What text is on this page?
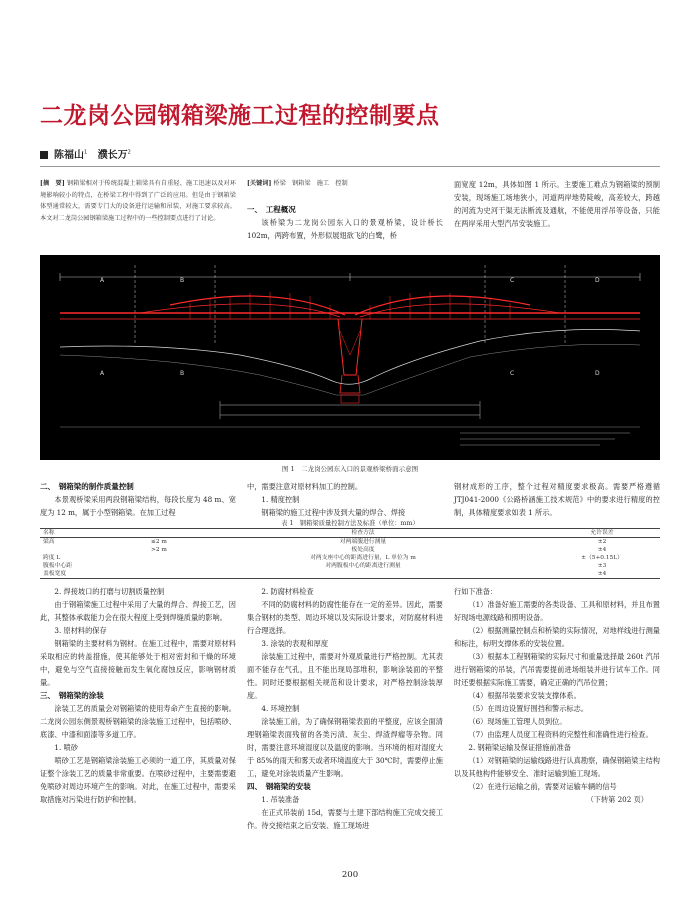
二龙岗公园钢箱梁施工过程的控制要点
陈福山$^1$ 濮长万$^2$

[摘　要] 钢箱梁相对于传统混凝土箱梁具有自重轻、施工迅速以及对环境影响较小的特点，在桥梁工程中得到了广泛的应用。但是由于钢箱梁体型通常较大，需要专门大的设备进行运输和吊装，对施工要求较高。本文对二龙岗公园钢箱梁施工过程中的一些控制要点进行了讨论。

[关键词] 桥梁　钢箱梁　施工　控制

一、　工程概况

该桥梁为二龙岗公园东入口的景观桥梁，设计桥长 102m，两跨布置，外形似展翅欲飞的白鹭，桥

面宽度 12m，具体如图 1 所示。主要施工难点为钢箱梁的预制安装，现场施工场地狭小，河道两岸地势陡峻，高差较大，跨越的河流为史河干渠无法断流及通航，不能使用浮吊等设备，只能在两岸采用大型汽吊安装施工。

A	B	C	D
A	B	C	D
图 1　二龙岗公园东入口的景观桥梁桥面示意图

二、　钢箱梁的制作质量控制

本景观桥梁采用两段钢箱梁结构，每段长度为 48 m、宽度为 12 m，属于小型钢箱梁。在加工过程

中，需要注意对原材料加工的控制。

1. 精度控制

钢箱梁的施工过程中涉及到大量的焊合、焊接

钢材成形的工序，整个过程对精度要求极高。需要严格遵循 JTJ041-2000《公路桥涵施工技术规范》中的要求进行精度的控制，具体精度要求如表 1 所示。

表 1　钢箱梁质量控制方法及标准（单位：mm）
名称		检查方法	允许误差
梁高	≤2 m	对两端腹进行测量	±2
	>2 m	板处高度	±4
跨度 L		对两支座中心的距离进行量，L 单位为 m	±（5+0.15L）
腹板中心距		对两腹板中心的距离进行测量	±3
盖板宽度			±4

2. 焊接坡口的打磨与切割质量控制

由于钢箱梁施工过程中采用了大量的焊合、焊接工艺，因此，其整体承载能力会在很大程度上受到焊缝质量的影响。

3. 原材料的保存

钢箱梁的主要材料为钢材。在施工过程中，需要对原材料采取相应的转盖措施，使其能够处于相对密封和干燥的环境中，避免与空气直接接触而发生氧化腐蚀反应，影响钢材质量。

三、　钢箱梁的涂装

涂装工艺的质量会对钢箱梁的使用寿命产生直接的影响。二龙岗公园东侧景观桥钢箱梁的涂装施工过程中，包括喷砂、底漆、中漆和面漆等多道工序。

1. 喷砂

喷砂工艺是钢箱梁涂装施工必须的一道工序，其质量对保证整个涂装工艺的质量非常重要。在喷砂过程中，主要需要避免喷砂对周边环境产生的影响。对此，在施工过程中，需要采取措施对污染进行防护和控制。

2. 防腐材料检查

不同的防腐材料的防腐性能存在一定的差异。因此，需要集合钢材的类型、周边环境以及实际设计要求，对防腐材料进行合理选择。

3. 涂装的表观和厚度

涂装施工过程中，需要对外观质量进行严格控制。尤其表面不能存在气孔，且不能出现局部堆积，影响涂装面的平整性。同时还要根据相关规范和设计要求，对严格控制涂装厚度。

4. 环境控制

涂装施工前，为了确保钢箱梁表面的平整度，应该全面清理钢箱梁表面残留的各类污渍、灰尘、焊渣焊瘤等杂物。同时，需要注意环境湿度以及温度的影响。当环境的相对湿度大于 85%的雨天和雾天或者环境温度大于 30℃时，需要停止施工，避免对涂装质量产生影响。

四、　钢箱梁的安装

1. 吊装准备

在正式吊装前 15d，需要与土建下部结构施工完成交接工作。待交接结束之后安装、施工现场进

行如下准备：

（1）准备好施工需要的各类设备、工具和原材料，并且布置好现场电源线路和照明设备。

（2）根据测量控制点和桥梁的实际情况，对地样线进行测量和标注，标明支撑体系的安装位置。

（3）根据本工程钢箱梁的实际尺寸和重量选择最 260t 汽吊进行钢箱梁的吊装，汽吊需要提前进场组装并进行试车工作。同时还要根据实际施工需要，确定正确的汽吊位置；

（4）根据吊装要求安装支撑体系。

（5）在周边设置好围挡和警示标志。

（6）现场施工管理人员到位。

（7）由监理人员度工程资料的完整性和准确性进行检查。

2. 钢箱梁运输及保证措施前准备

（1）对钢箱梁的运输线路进行认真勘察，确保钢箱梁主结构以及其他构件能够安全、准时运输到施工现场。

（2）在进行运输之前，需要对运输车辆的信号

（下转第 202 页）

200
